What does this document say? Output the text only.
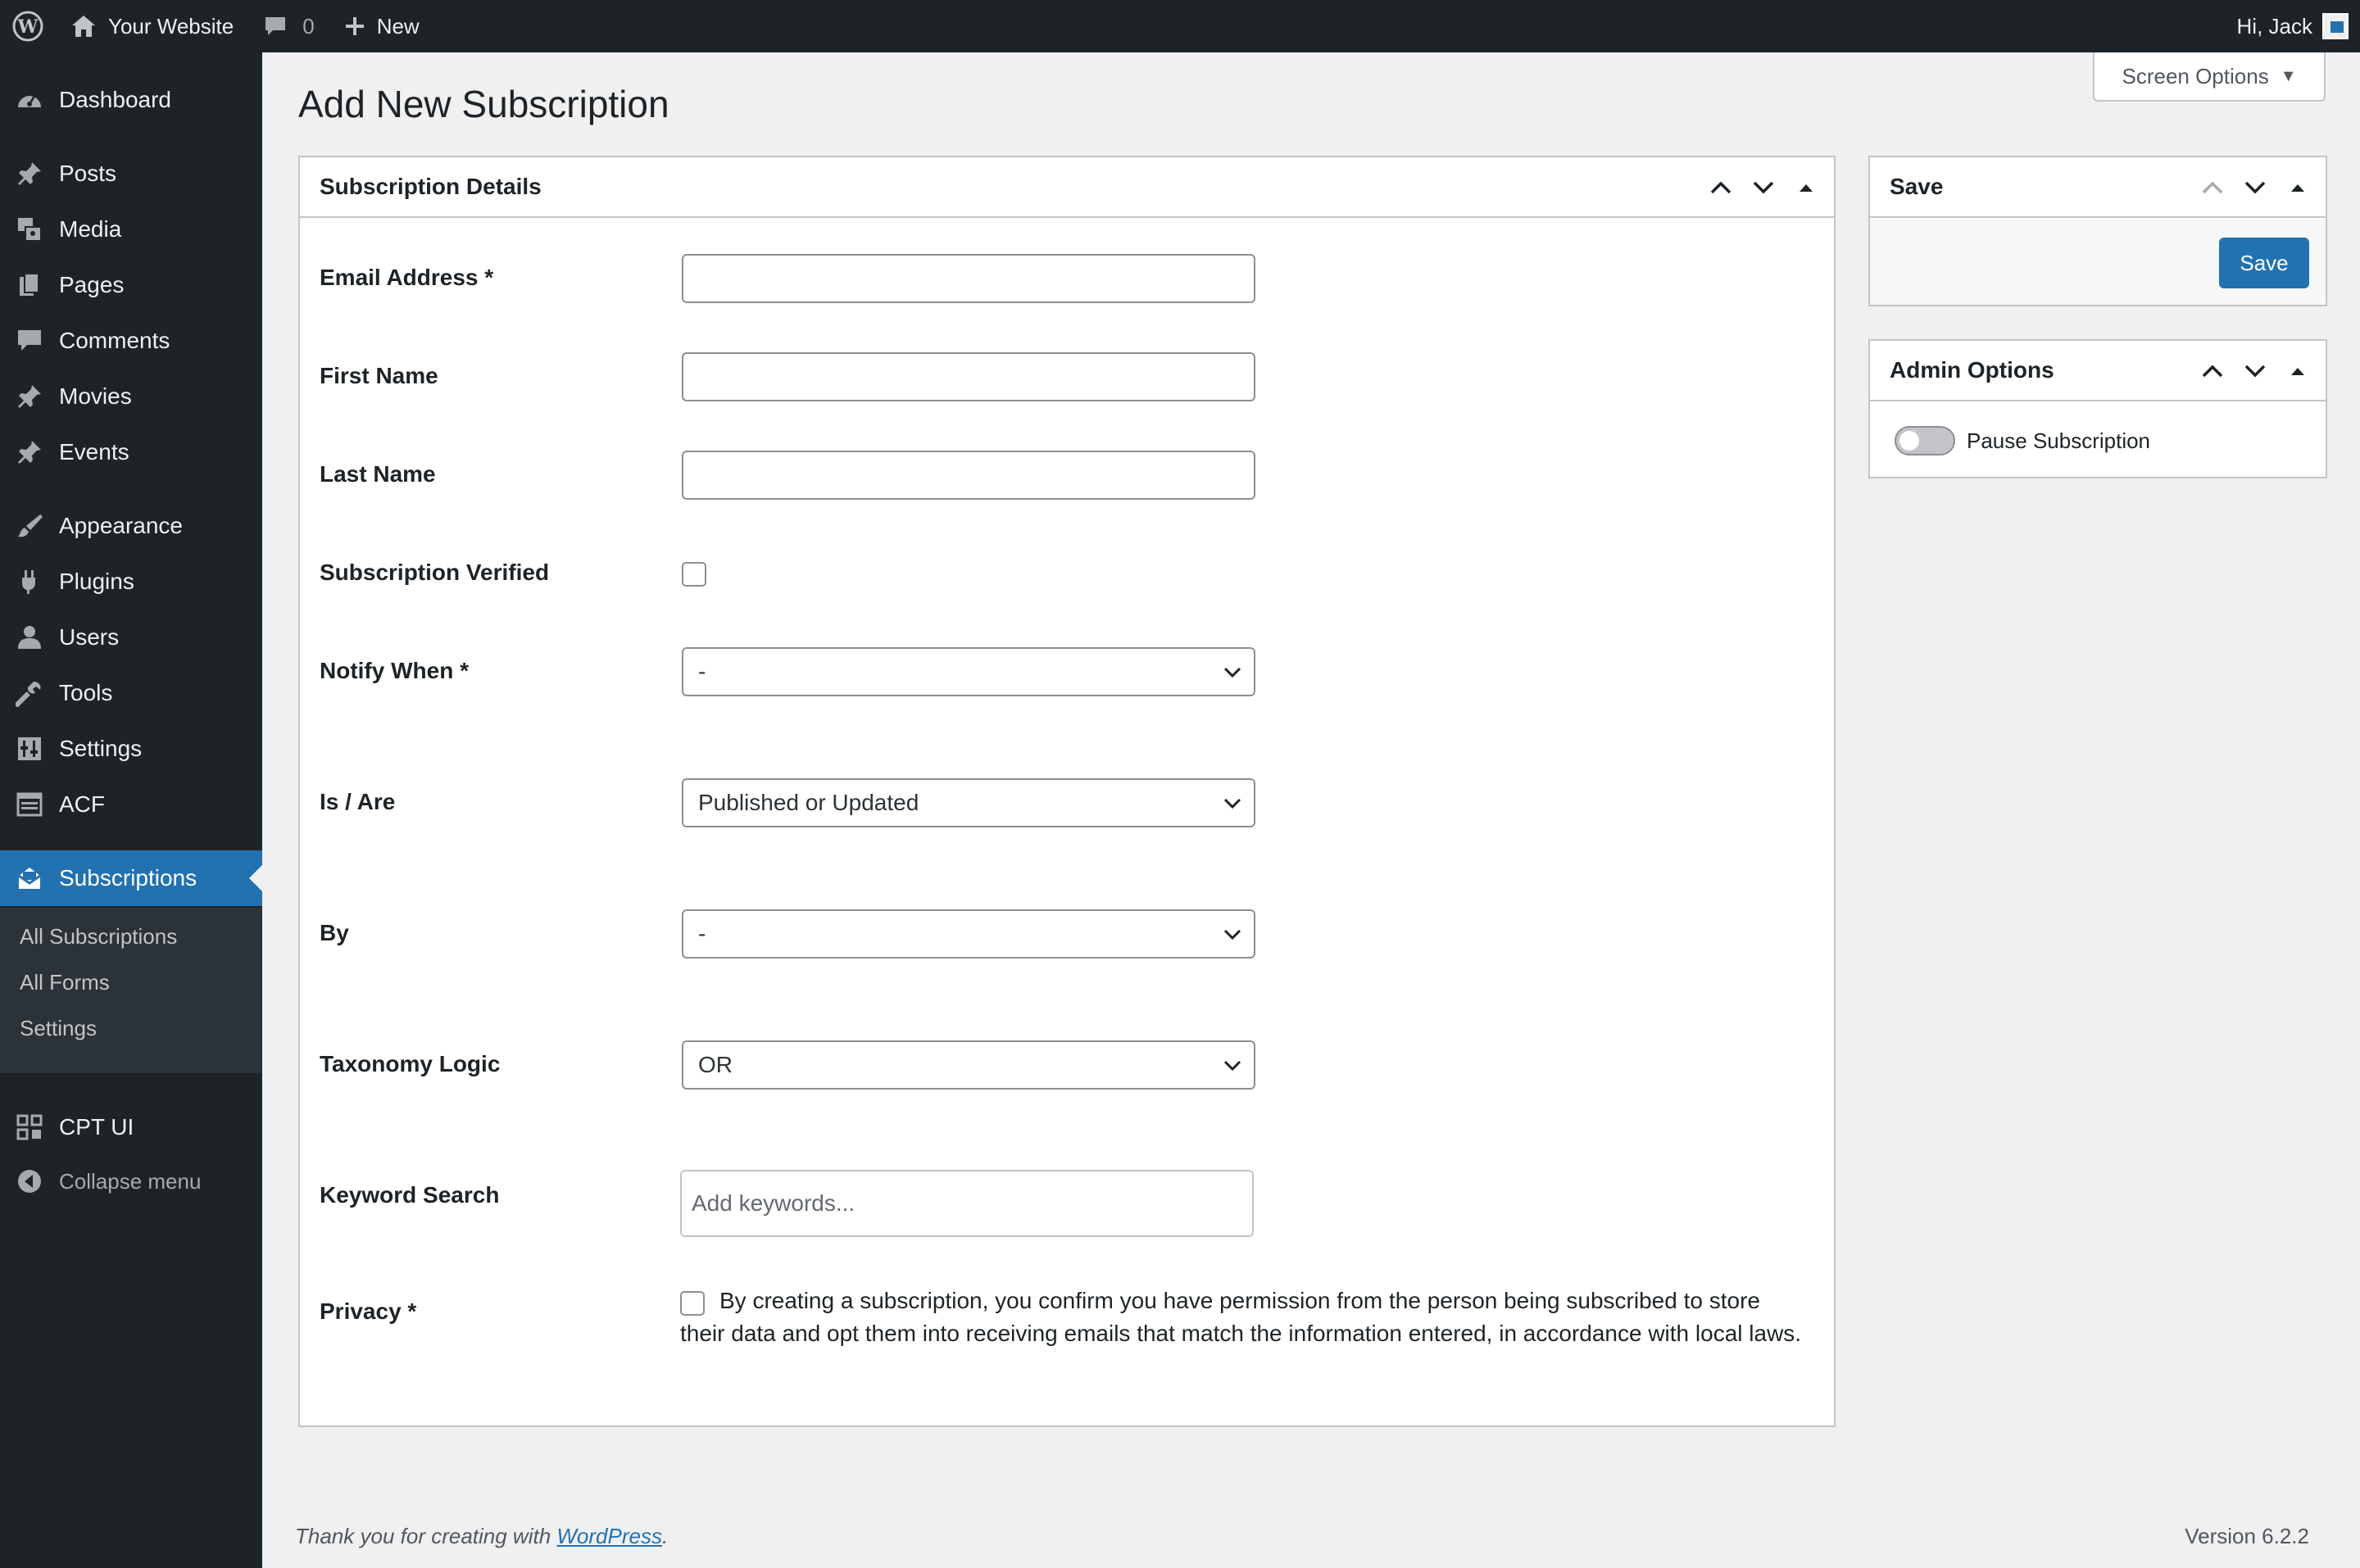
W	Your Website	0	New	Hi, Jack
Dashboard
Posts
Media
Pages
Comments
Movies
Events
Appearance
Plugins
Users
Tools
Settings
ACF
Subscriptions
All Subscriptions
All Forms
Settings
CPT UI
Collapse menu
Screen Options ▼
Add New Subscription
Subscription Details
Email Address *
First Name
Last Name
Subscription Verified
Notify When *	-
Is / Are	Published or Updated
By	-
Taxonomy Logic	OR
Keyword Search	Add keywords...
Privacy *	By creating a subscription, you confirm you have permission from the person being subscribed to store their data and opt them into receiving emails that match the information entered, in accordance with local laws.
Save
Save
Admin Options
Pause Subscription
Thank you for creating with WordPress.	Version 6.2.2
